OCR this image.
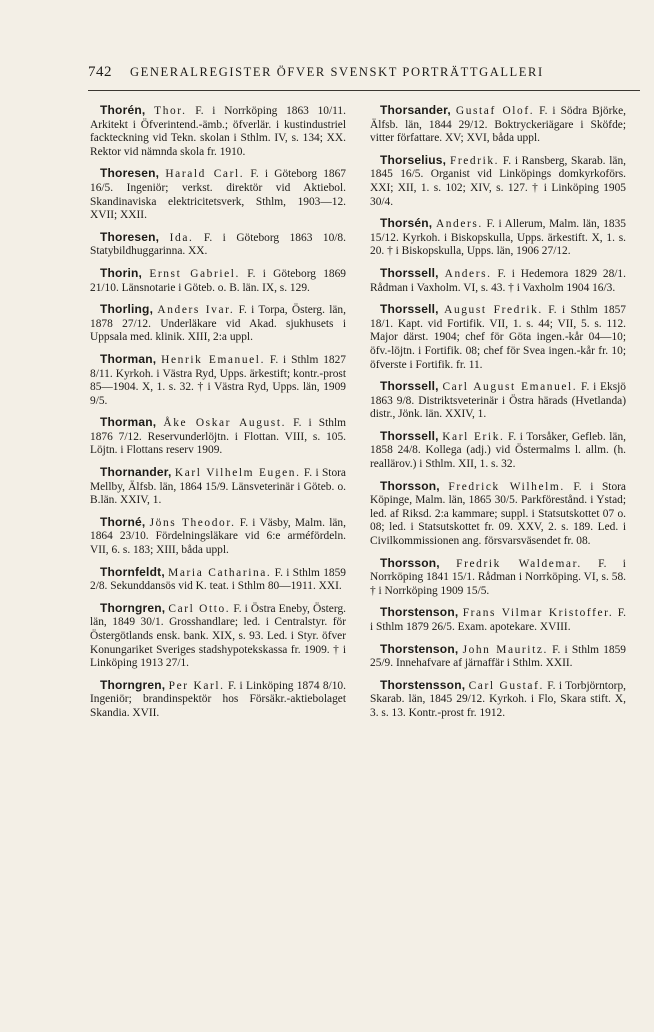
742 GENERALREGISTER ÖFVER SVENSKT PORTRÄTTGALLERI

Thorén, Thor. F. i Norrköping 1863 10/11. Arkitekt i Öfverintend.-ämb.; öfverlär. i kustindustriel fackteckning vid Tekn. skolan i Sthlm. IV, s. 134; XX. Rektor vid nämnda skola fr. 1910.

Thoresen, Harald Carl. F. i Göteborg 1867 16/5. Ingeniör; verkst. direktör vid Aktiebol. Skandinaviska elektricitetsverk, Sthlm, 1903—12. XVII; XXII.

Thoresen, Ida. F. i Göteborg 1863 10/8. Statybildhuggarinna. XX.

Thorin, Ernst Gabriel. F. i Göteborg 1869 21/10. Länsnotarie i Göteb. o. B. län. IX, s. 129.

Thorling, Anders Ivar. F. i Torpa, Österg. län, 1878 27/12. Underläkare vid Akad. sjukhusets i Uppsala med. klinik. XIII, 2:a uppl.

Thorman, Henrik Emanuel. F. i Sthlm 1827 8/11. Kyrkoh. i Västra Ryd, Upps. ärkestift; kontr.-prost 85—1904. X, 1. s. 32. † i Västra Ryd, Upps. län, 1909 9/5.

Thorman, Åke Oskar August. F. i Sthlm 1876 7/12. Reservunderlöjtn. i Flottan. VIII, s. 105. Löjtn. i Flottans reserv 1909.

Thornander, Karl Vilhelm Eugen. F. i Stora Mellby, Älfsb. län, 1864 15/9. Länsveterinär i Göteb. o. B.län. XXIV, 1.

Thorné, Jöns Theodor. F. i Väsby, Malm. län, 1864 23/10. Fördelningsläkare vid 6:e arméfördeln. VII, 6. s. 183; XIII, båda uppl.

Thornfeldt, Maria Catharina. F. i Sthlm 1859 2/8. Sekunddansös vid K. teat. i Sthlm 80—1911. XXI.

Thorngren, Carl Otto. F. i Östra Eneby, Österg. län, 1849 30/1. Grosshandlare; led. i Centralstyr. för Östergötlands ensk. bank. XIX, s. 93. Led. i Styr. öfver Konungariket Sveriges stadshypotekskassa fr. 1909. † i Linköping 1913 27/1.

Thorngren, Per Karl. F. i Linköping 1874 8/10. Ingeniör; brandinspektör hos Försäkr.-aktiebolaget Skandia. XVII.

Thorsander, Gustaf Olof. F. i Södra Björke, Älfsb. län, 1844 29/12. Boktryckeriägare i Sköfde; vitter författare. XV; XVI, båda uppl.

Thorselius, Fredrik. F. i Ransberg, Skarab. län, 1845 16/5. Organist vid Linköpings domkyrkoförs. XXI; XII, 1. s. 102; XIV, s. 127. † i Linköping 1905 30/4.

Thorsén, Anders. F. i Allerum, Malm. län, 1835 15/12. Kyrkoh. i Biskopskulla, Upps. ärkestift. X, 1. s. 20. † i Biskopskulla, Upps. län, 1906 27/12.

Thorssell, Anders. F. i Hedemora 1829 28/1. Rådman i Vaxholm. VI, s. 43. † i Vaxholm 1904 16/3.

Thorssell, August Fredrik. F. i Sthlm 1857 18/1. Kapt. vid Fortifik. VII, 1. s. 44; VII, 5. s. 112. Major därst. 1904; chef för Göta ingen.-kår 04—10; öfv.-löjtn. i Fortifik. 08; chef för Svea ingen.-kår fr. 10; öfverste i Fortifik. fr. 11.

Thorssell, Carl August Emanuel. F. i Eksjö 1863 9/8. Distriktsveterinär i Östra härads (Hvetlanda) distr., Jönk. län. XXIV, 1.

Thorssell, Karl Erik. F. i Torsåker, Gefleb. län, 1858 24/8. Kollega (adj.) vid Östermalms l. allm. (h. reallärov.) i Sthlm. XII, 1. s. 32.

Thorsson, Fredrick Wilhelm. F. i Stora Köpinge, Malm. län, 1865 30/5. Parkförestånd. i Ystad; led. af Riksd. 2:a kammare; suppl. i Statsutskottet 07 o. 08; led. i Statsutskottet fr. 09. XXV, 2. s. 189. Led. i Civilkommissionen ang. försvarsväsendet fr. 08.

Thorsson, Fredrik Waldemar. F. i Norrköping 1841 15/1. Rådman i Norrköping. VI, s. 58. † i Norrköping 1909 15/5.

Thorstenson, Frans Vilmar Kristoffer. F. i Sthlm 1879 26/5. Exam. apotekare. XVIII.

Thorstenson, John Mauritz. F. i Sthlm 1859 25/9. Innehafvare af järnaffär i Sthlm. XXII.

Thorstensson, Carl Gustaf. F. i Torbjörntorp, Skarab. län, 1845 29/12. Kyrkoh. i Flo, Skara stift. X, 3. s. 13. Kontr.-prost fr. 1912.
